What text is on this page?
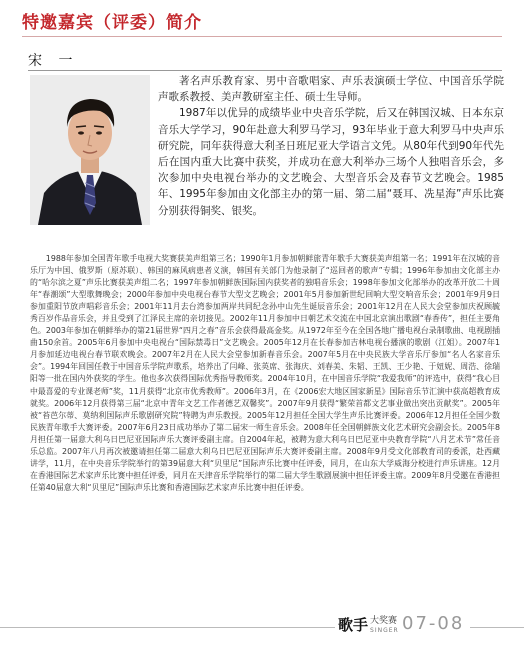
特邀嘉宾（评委）简介
宋 一

著名声乐教育家、男中音歌唱家、声乐表演硕士学位、中国音乐学院声歌系教授、美声教研室主任、硕士生导师。

1987年以优异的成绩毕业中央音乐学院，后又在韩国汉城、日本东京音乐大学学习，90年赴意大利罗马学习，93年毕业于意大利罗马中央声乐研究院，同年获得意大利圣日班尼亚大学语言文凭。从80年代到90年代先后在国内重大比赛中获奖，并成功在意大利举办三场个人独唱音乐会，多次参加中央电视台举办的文艺晚会、大型音乐会及春节文艺晚会。1985年、1995年参加由文化部主办的第一届、第二届“聂耳、冼星海”声乐比赛分别获得铜奖、银奖。

1988年参加全国青年歌手电视大奖赛获美声组第三名；1990年1月参加朝鲜旅青年歌手大赛获美声组第一名；1991年在汉城的音乐厅为中国、俄罗斯（原苏联）、韩国的麻风病患者义演，韩国有关部门为他录制了“巡回者的歌声”专辑；1996年参加由文化部主办的“哈尔滨之夏”声乐比赛获美声组二名；1997年参加朝鲜族国际国内获奖者的独唱音乐会；1998年参加文化部举办的改革开放二十周年“春潮颂”大型歌舞晚会；2000年参加中央电视台春节大型文艺晚会；2001年5月参加新世纪回响大型交响音乐会；2001年9月9日参加重阳节放声唱彩音乐会；2001年11月去台湾参加两岸共同纪念孙中山先生诞辰音乐会；2001年12月在人民大会堂参加庆祝顾毓秀百岁作品音乐会，并且受到了江泽民主席的亲切接见。2002年11月参加中日朝艺术交流在中国北京演出歌剧“春香传”，担任主要角色。2003年参加在朝鲜举办的第21届世界“四月之春”音乐会获得最高金奖。从1972年至今在全国各地广播电视台录制歌曲、电视剧插曲150余首。2005年6月参加中央电视台“国际禁毒日”文艺晚会。2005年12月在长春参加吉林电视台播演的歌剧（江姐）。2007年1月参加延边电视台春节联欢晚会。2007年2月在人民大会堂参加新春音乐会。2007年5月在中央民族大学音乐厅参加“名人名家音乐会”。1994年回国任教于中国音乐学院声歌系，培养出了闫峰、张英席、张海庆、刘春美、朱韬、王凯、王少艳、于妞妮、周浩、徐瑞阳等一批在国内外获奖的学生。他也多次获得国际优秀指导教师奖。2004年10月，在中国音乐学院“我爱我师”的评选中，获得“我心目中最喜爱的专业课老师”奖，11月获得“北京市优秀教师”。2006年3月，在《2006宏大地区国家新星》国际音乐节汇演中获高超教育成就奖。2006年12月获得第三届“北京中青年文艺工作者德艺双馨奖”。2007年9月获得“繁荣首都文艺事业做出突出贡献奖”。2005年被“苔芭尔蒂、莫纳利国际声乐歌剧研究院”特聘为声乐教授。2005年12月担任全国大学生声乐比赛评委。2006年12月担任全国少数民族青年歌手大赛评委。2007年6月23日成功举办了第二届宋一师生音乐会。2008年任全国朝鲜族文化艺术研究会副会长。2005年8月担任第一届意大利乌日巴尼亚国际声乐大赛评委副主席。自2004年起，被聘为意大利乌日巴尼亚中央教育学院“八月艺术节”常任音乐总监。2007年八月再次被邀请担任第二届意大利乌日巴尼亚国际声乐大赛评委副主席。2008年9月受文化部教育司的委派，赴西藏讲学，11月，在中央音乐学院举行的第39届意大利“贝里尼”国际声乐比赛中任评委，同月，在山东大学威海分校进行声乐讲座。12月在香港国际艺术家声乐比赛中担任评委，同月在天津音乐学院举行的第二届大学生歌剧展演中担任评委主席。2009年8月受邀在香港担任第40届意大利“贝里尼”国际声乐比赛和香港国际艺术家声乐比赛中担任评委。

歌手 大奖赛
SINGER 07-08
